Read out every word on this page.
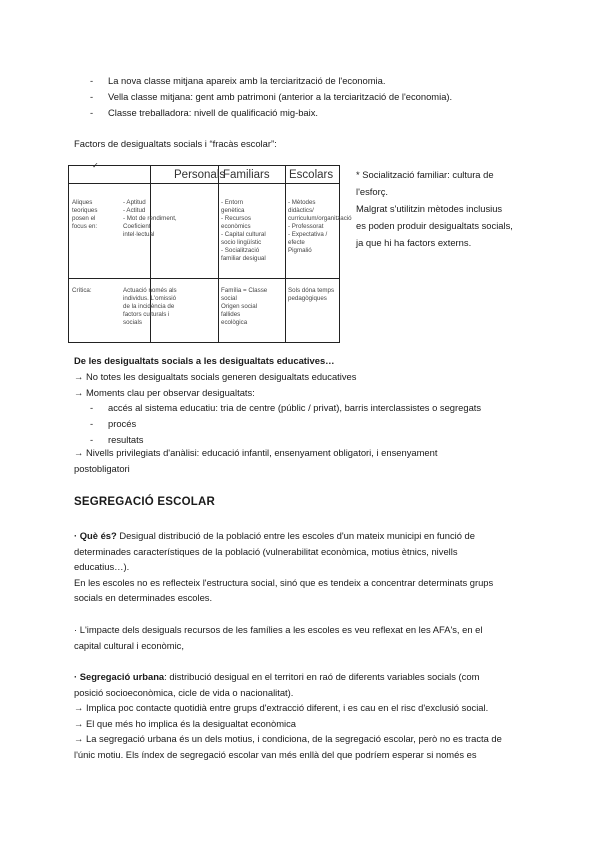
- La nova classe mitjana apareix amb la terciarització de l'economia.
- Vella classe mitjana: gent amb patrimoni (anterior a la terciarització de l'economia).
- Classe treballadora: nivell de qualificació mig-baix.
Factors de desigualtats socials i “fracàs escolar”:
✓
Personals
Familiars Escolars
Aliques
teoriques
posen el
focus en:
- Aptitud
- Actitud
- Mot de rendiment,
Coeficient
intel·lectual
- Entorn
genètica
- Recursos
econòmics
- Capital cultural
socio lingüístic
- Socialització
familiar desigual
- Mètodes didàctics/
curriculum/organització
- Professorat
- Expectativa / efecte
Pigmalió
Crítica:	Actuació només als
individus. L'omissió
de la incidència de
factors culturals i
socials
Família = Classe
social
Origen social
fallides
ecològica
Sols dóna temps
pedagògiques
* Socialització familiar: cultura de
l'esforç.
Malgrat s'utilitzin mètodes inclusius
es poden produir desigualtats socials,
ja que hi ha factors externs.
De les desigualtats socials a les desigualtats educatives…
→ No totes les desigualtats socials generen desigualtats educatives
→ Moments clau per observar desigualtats:
- accés al sistema educatiu: tria de centre (públic / privat), barris interclassistes o segregats
- procés
- resultats
→ Nivells privilegiats d'anàlisi: educació infantil, ensenyament obligatori, i ensenyament
postobligatori
SEGREGACIÓ ESCOLAR
· Què és? Desigual distribució de la població entre les escoles d'un mateix municipi en funció de
determinades característiques de la població (vulnerabilitat econòmica, motius ètnics, nivells
educatius…).
En les escoles no es reflecteix l'estructura social, sinó que es tendeix a concentrar determinats grups
socials en determinades escoles.
· L'impacte dels desiguals recursos de les famílies a les escoles es veu reflexat en les AFA's, en el
capital cultural i econòmic,
· Segregació urbana: distribució desigual en el territori en raó de diferents variables socials (com
posició socioeconòmica, cicle de vida o nacionalitat).
→ Implica poc contacte quotidià entre grups d'extracció diferent, i es cau en el risc d'exclusió social.
→ El que més ho implica és la desigualtat econòmica
→ La segregació urbana és un dels motius, i condiciona, de la segregació escolar, però no es tracta de
l'únic motiu. Els índex de segregació escolar van més enllà del que podríem esperar si només es
